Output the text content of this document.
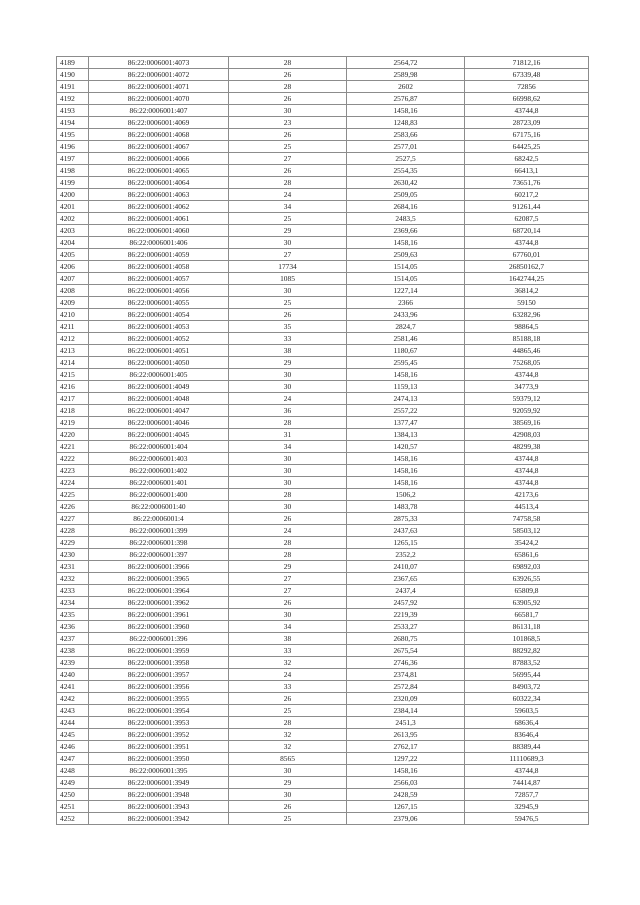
4189	86:22:0006001:4073	28	2564,72	71812,16
4190	86:22:0006001:4072	26	2589,98	67339,48
4191	86:22:0006001:4071	28	2602	72856
4192	86:22:0006001:4070	26	2576,87	66998,62
4193	86:22:0006001:407	30	1458,16	43744,8
4194	86:22:0006001:4069	23	1248,83	28723,09
4195	86:22:0006001:4068	26	2583,66	67175,16
4196	86:22:0006001:4067	25	2577,01	64425,25
4197	86:22:0006001:4066	27	2527,5	68242,5
4198	86:22:0006001:4065	26	2554,35	66413,1
4199	86:22:0006001:4064	28	2630,42	73651,76
4200	86:22:0006001:4063	24	2509,05	60217,2
4201	86:22:0006001:4062	34	2684,16	91261,44
4202	86:22:0006001:4061	25	2483,5	62087,5
4203	86:22:0006001:4060	29	2369,66	68720,14
4204	86:22:0006001:406	30	1458,16	43744,8
4205	86:22:0006001:4059	27	2509,63	67760,01
4206	86:22:0006001:4058	17734	1514,05	26850162,7
4207	86:22:0006001:4057	1085	1514,05	1642744,25
4208	86:22:0006001:4056	30	1227,14	36814,2
4209	86:22:0006001:4055	25	2366	59150
4210	86:22:0006001:4054	26	2433,96	63282,96
4211	86:22:0006001:4053	35	2824,7	98864,5
4212	86:22:0006001:4052	33	2581,46	85188,18
4213	86:22:0006001:4051	38	1180,67	44865,46
4214	86:22:0006001:4050	29	2595,45	75268,05
4215	86:22:0006001:405	30	1458,16	43744,8
4216	86:22:0006001:4049	30	1159,13	34773,9
4217	86:22:0006001:4048	24	2474,13	59379,12
4218	86:22:0006001:4047	36	2557,22	92059,92
4219	86:22:0006001:4046	28	1377,47	38569,16
4220	86:22:0006001:4045	31	1384,13	42908,03
4221	86:22:0006001:404	34	1420,57	48299,38
4222	86:22:0006001:403	30	1458,16	43744,8
4223	86:22:0006001:402	30	1458,16	43744,8
4224	86:22:0006001:401	30	1458,16	43744,8
4225	86:22:0006001:400	28	1506,2	42173,6
4226	86:22:0006001:40	30	1483,78	44513,4
4227	86:22:0006001:4	26	2875,33	74758,58
4228	86:22:0006001:399	24	2437,63	58503,12
4229	86:22:0006001:398	28	1265,15	35424,2
4230	86:22:0006001:397	28	2352,2	65861,6
4231	86:22:0006001:3966	29	2410,07	69892,03
4232	86:22:0006001:3965	27	2367,65	63926,55
4233	86:22:0006001:3964	27	2437,4	65809,8
4234	86:22:0006001:3962	26	2457,92	63905,92
4235	86:22:0006001:3961	30	2219,39	66581,7
4236	86:22:0006001:3960	34	2533,27	86131,18
4237	86:22:0006001:396	38	2680,75	101868,5
4238	86:22:0006001:3959	33	2675,54	88292,82
4239	86:22:0006001:3958	32	2746,36	87883,52
4240	86:22:0006001:3957	24	2374,81	56995,44
4241	86:22:0006001:3956	33	2572,84	84903,72
4242	86:22:0006001:3955	26	2320,09	60322,34
4243	86:22:0006001:3954	25	2384,14	59603,5
4244	86:22:0006001:3953	28	2451,3	68636,4
4245	86:22:0006001:3952	32	2613,95	83646,4
4246	86:22:0006001:3951	32	2762,17	88389,44
4247	86:22:0006001:3950	8565	1297,22	11110689,3
4248	86:22:0006001:395	30	1458,16	43744,8
4249	86:22:0006001:3949	29	2566,03	74414,87
4250	86:22:0006001:3948	30	2428,59	72857,7
4251	86:22:0006001:3943	26	1267,15	32945,9
4252	86:22:0006001:3942	25	2379,06	59476,5
